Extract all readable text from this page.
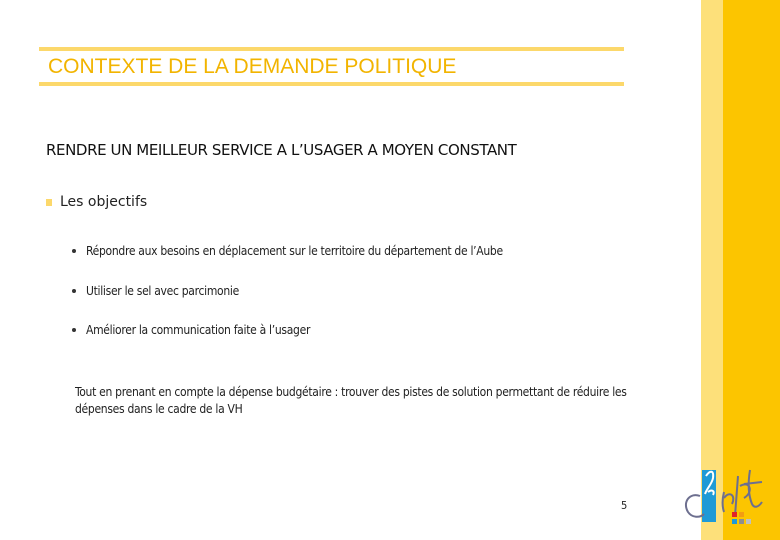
CONTEXTE DE LA DEMANDE POLITIQUE
RENDRE UN MEILLEUR SERVICE A L’USAGER A MOYEN CONSTANT
Les objectifs
Répondre aux besoins en déplacement sur le territoire du département de l’Aube
Utiliser le sel avec parcimonie
Améliorer la communication faite à l’usager
Tout en prenant en compte la dépense budgétaire : trouver des pistes de solution permettant de réduire les dépenses dans le cadre de la VH
5
